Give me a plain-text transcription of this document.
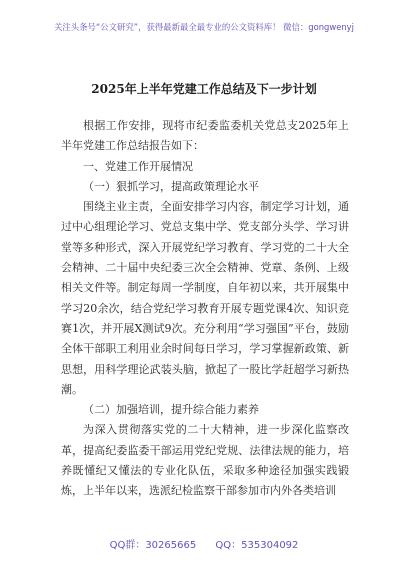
关注头条号“公文研究”，获得最新最全最专业的公文资料库！ 微信：gongwenyj
2025年上半年党建工作总结及下一步计划

根据工作安排，现将市纪委监委机关党总支2025年上半年党建工作总结报告如下：

一、党建工作开展情况

（一）狠抓学习，提高政策理论水平

围绕主业主责，全面安排学习内容，制定学习计划，通过中心组理论学习、党总支集中学、党支部分头学、学习讲堂等多种形式，深入开展党纪学习教育、学习党的二十大全会精神、二十届中央纪委三次全会精神、党章、条例、上级相关文件等。制定每周一学制度，自年初以来，共开展集中学习20余次，结合党纪学习教育开展专题党课4次、知识竞赛1次，并开展X测试9次。充分利用“学习强国”平台，鼓励全体干部职工利用业余时间每日学习，学习掌握新政策、新思想，用科学理论武装头脑，掀起了一股比学赶超学习新热潮。

（二）加强培训，提升综合能力素养

为深入贯彻落实党的二十大精神，进一步深化监察改革，提高纪委监委干部运用党纪党规、法律法规的能力，培养既懂纪又懂法的专业化队伍，采取多种途径加强实践锻炼，上半年以来，选派纪检监察干部参加市内外各类培训

QQ群：30265665 QQ：535304092
